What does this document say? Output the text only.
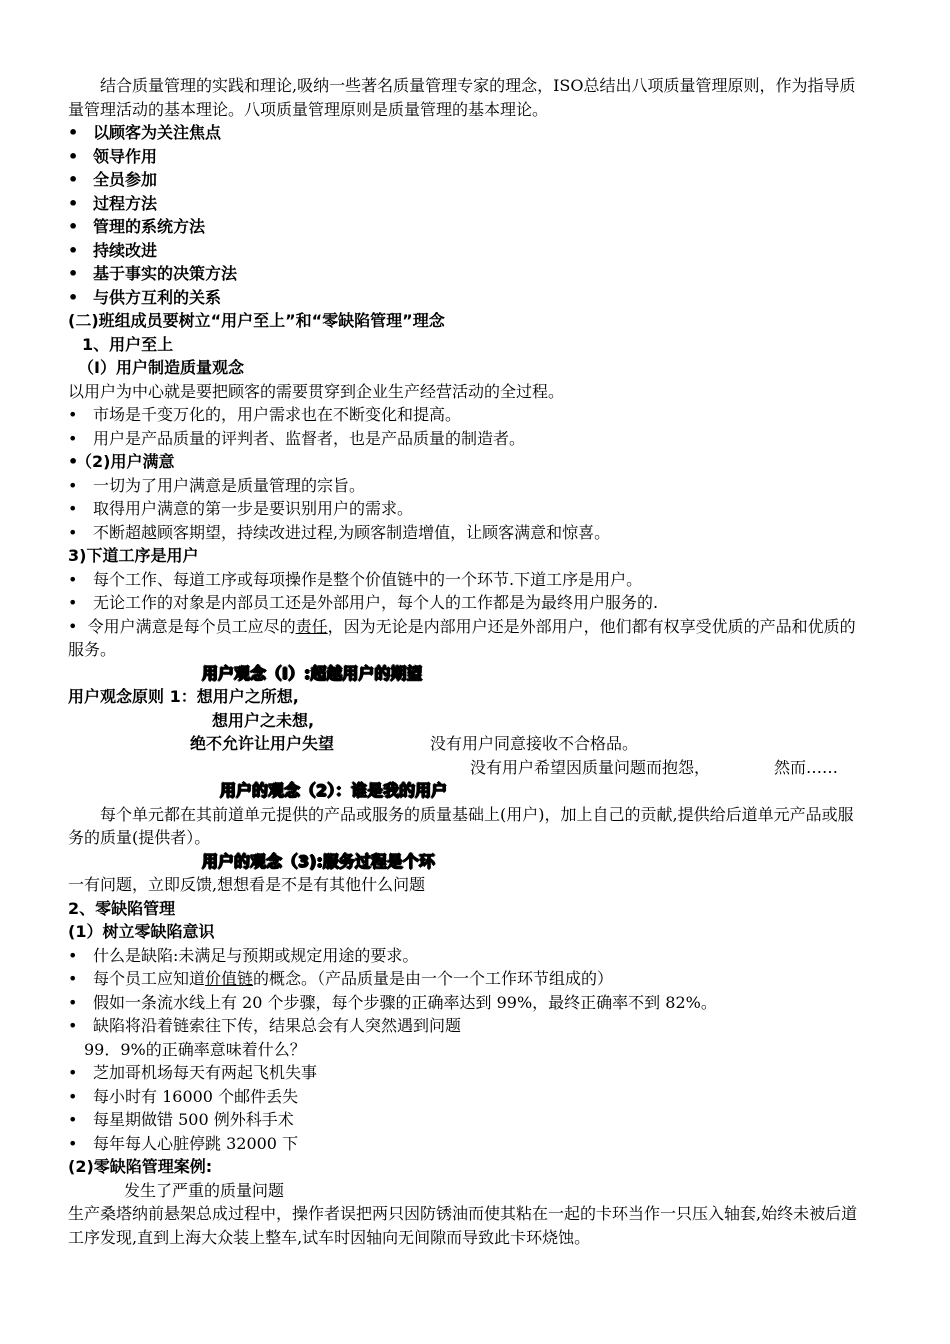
结合质量管理的实践和理论,吸纳一些著名质量管理专家的理念，ISO总结出八项质量管理原则，作为指导质量管理活动的基本理论。八项质量管理原则是质量管理的基本理论。
• 以顾客为关注焦点
• 领导作用
• 全员参加
• 过程方法
• 管理的系统方法
• 持续改进
• 基于事实的决策方法
• 与供方互利的关系
(二)班组成员要树立“用户至上”和“零缺陷管理”理念
1、用户至上
（I）用户制造质量观念
以用户为中心就是要把顾客的需要贯穿到企业生产经营活动的全过程。
• 市场是千变万化的，用户需求也在不断变化和提高。
• 用户是产品质量的评判者、监督者，也是产品质量的制造者。
•
（2)用户满意
• 一切为了用户满意是质量管理的宗旨。
• 取得用户满意的第一步是要识别用户的需求。
• 不断超越顾客期望，持续改进过程,为顾客制造增值，让顾客满意和惊喜。
3)下道工序是用户
• 每个工作、每道工序或每项操作是整个价值链中的一个环节.下道工序是用户。
• 无论工作的对象是内部员工还是外部用户，每个人的工作都是为最终用户服务的.
• 令用户满意是每个员工应尽的责任，因为无论是内部用户还是外部用户，他们都有权享受优质的产品和优质的服务。
用户观念（I）:超越用户的期望
用户观念原则 1：想用户之所想,
想用户之未想,
绝不允许让用户失望	没有用户同意接收不合格品。
没有用户希望因质量问题而抱怨，	然而……
用户的观念（2）：谁是我的用户
每个单元都在其前道单元提供的产品或服务的质量基础上(用户)，加上自己的贡献,提供给后道单元产品或服务的质量(提供者）。
用户的观念（3):服务过程是个环
一有问题，立即反馈,想想看是不是有其他什么问题
2、零缺陷管理
(1）树立零缺陷意识
• 什么是缺陷:未满足与预期或规定用途的要求。
• 每个员工应知道 价值链 的概念。（产品质量是由一个一个工作环节组成的）
• 假如一条流水线上有 20 个步骤，每个步骤的正确率达到 99%，最终正确率不到 82%。
• 缺陷将沿着链索往下传，结果总会有人突然遇到问题
99．9%的正确率意味着什么？
• 芝加哥机场每天有两起飞机失事
• 每小时有 16000 个邮件丢失
• 每星期做错 500 例外科手术
• 每年每人心脏停跳 32000 下
(2)零缺陷管理案例:
发生了严重的质量问题
生产桑塔纳前悬架总成过程中，操作者误把两只因防锈油而使其粘在一起的卡环当作一只压入轴套,始终未被后道工序发现,直到上海大众装上整车,试车时因轴向无间隙而导致此卡环烧蚀。
